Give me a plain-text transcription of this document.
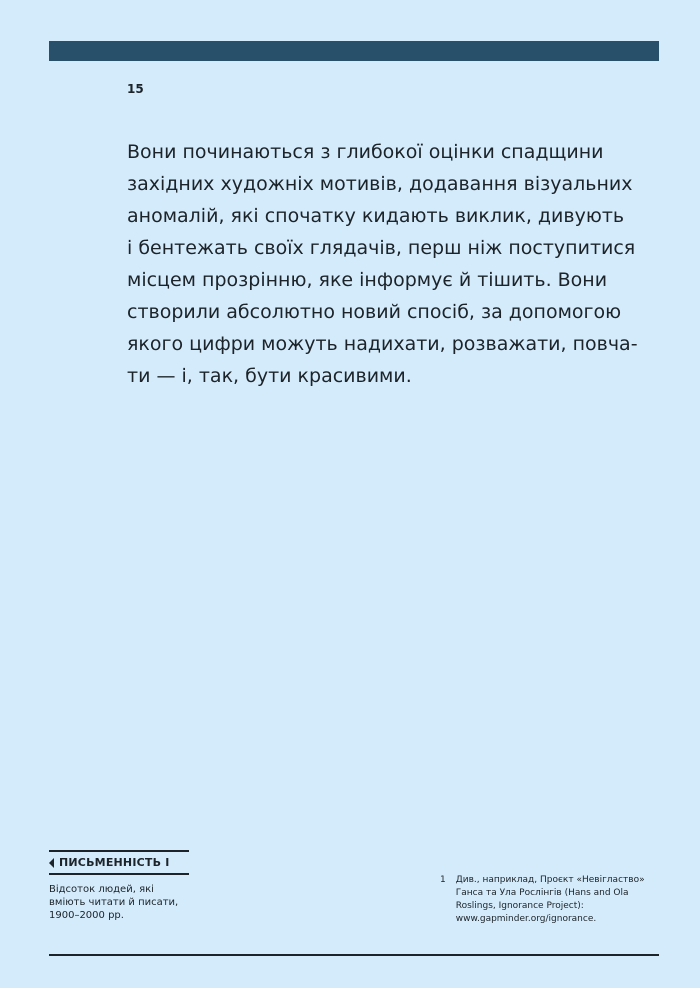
15
Вони починаються з глибокої оцінки спадщини
західних художніх мотивів, додавання візуальних
аномалій, які спочатку кидають виклик, дивують
і бентежать своїх глядачів, перш ніж поступитися
місцем прозрінню, яке інформує й тішить. Вони
створили абсолютно новий спосіб, за допомогою
якого цифри можуть надихати, розважати, повча-
ти — і, так, бути красивими.
ПИСЬМЕННІСТЬ І
Відсоток людей, які
вміють читати й писати,
1900–2000 рр.
1 Див., наприклад, Проєкт «Невігластво»
Ганса та Ула Рослінгів (Hans and Ola
Roslings, Ignorance Project):
www.gapminder.org/ignorance.
